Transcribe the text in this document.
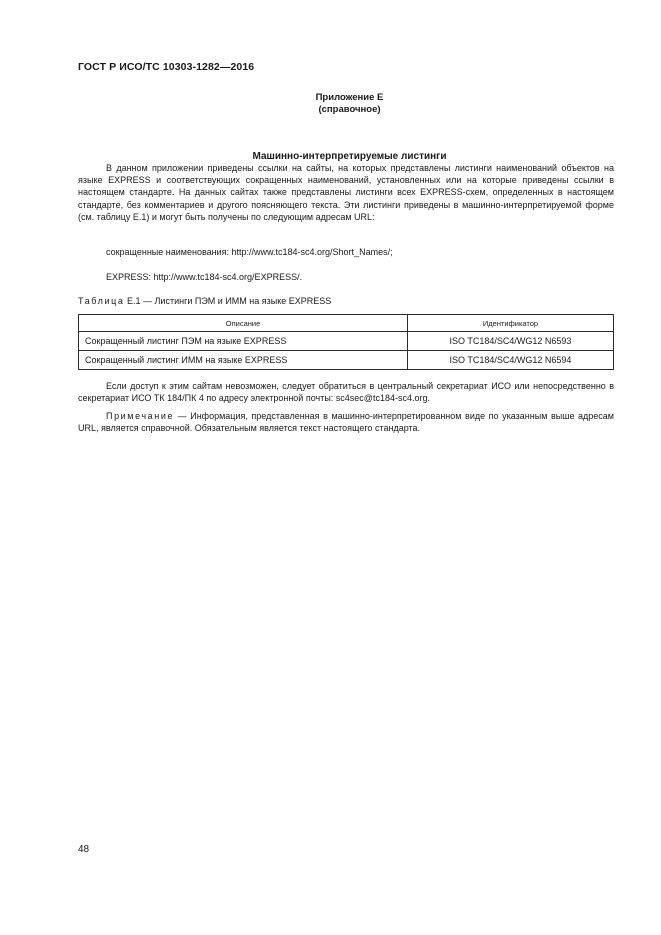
ГОСТ Р ИСО/ТС 10303-1282—2016
Приложение Е
(справочное)
Машинно-интерпретируемые листинги

В данном приложении приведены ссылки на сайты, на которых представлены листинги наименований объектов на языке EXPRESS и соответствующих сокращенных наименований, установленных или на которые приведены ссылки в настоящем стандарте. На данных сайтах также представлены листинги всех EXPRESS-схем, определенных в настоящем стандарте, без комментариев и другого поясняющего текста. Эти листинги приведены в машинно-интерпретируемой форме (см. таблицу Е.1) и могут быть получены по следующим адресам URL:

сокращенные наименования: http://www.tc184-sc4.org/Short_Names/;

EXPRESS: http://www.tc184-sc4.org/EXPRESS/.

Таблица Е.1 — Листинги ПЭМ и ИММ на языке EXPRESS
Описание	Идентификатор
Сокращенный листинг ПЭМ на языке EXPRESS	ISO TC184/SC4/WG12 N6593
Сокращенный листинг ИММ на языке EXPRESS	ISO TC184/SC4/WG12 N6594

Если доступ к этим сайтам невозможен, следует обратиться в центральный секретариат ИСО или непосредственно в секретариат ИСО ТК 184/ПК 4 по адресу электронной почты: sc4sec@tc184-sc4.org.

Примечание — Информация, представленная в машинно-интерпретированном виде по указанным выше адресам URL, является справочной. Обязательным является текст настоящего стандарта.

48
